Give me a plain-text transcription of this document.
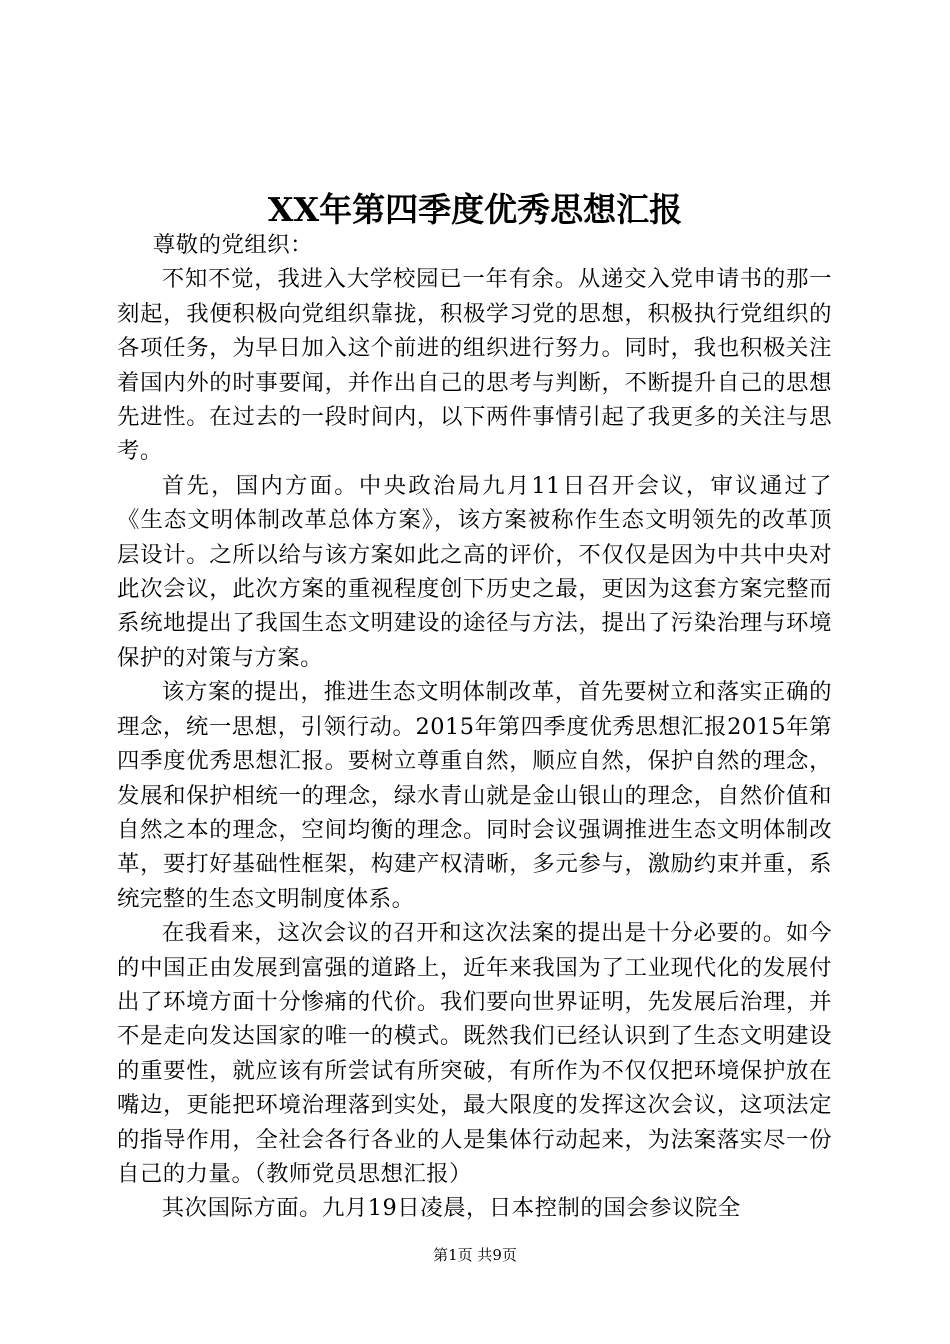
XX年第四季度优秀思想汇报

尊敬的党组织：

不知不觉，我进入大学校园已一年有余。从递交入党申请书的那一刻起，我便积极向党组织靠拢，积极学习党的思想，积极执行党组织的各项任务，为早日加入这个前进的组织进行努力。同时，我也积极关注着国内外的时事要闻，并作出自己的思考与判断，不断提升自己的思想先进性。在过去的一段时间内，以下两件事情引起了我更多的关注与思考。

首先，国内方面。中央政治局九月11日召开会议，审议通过了《生态文明体制改革总体方案》，该方案被称作生态文明领先的改革顶层设计。之所以给与该方案如此之高的评价，不仅仅是因为中共中央对此次会议，此次方案的重视程度创下历史之最，更因为这套方案完整而系统地提出了我国生态文明建设的途径与方法，提出了污染治理与环境保护的对策与方案。

该方案的提出，推进生态文明体制改革，首先要树立和落实正确的理念，统一思想，引领行动。2015年第四季度优秀思想汇报2015年第四季度优秀思想汇报。要树立尊重自然，顺应自然，保护自然的理念，发展和保护相统一的理念，绿水青山就是金山银山的理念，自然价值和自然之本的理念，空间均衡的理念。同时会议强调推进生态文明体制改革，要打好基础性框架，构建产权清晰，多元参与，激励约束并重，系统完整的生态文明制度体系。

在我看来，这次会议的召开和这次法案的提出是十分必要的。如今的中国正由发展到富强的道路上，近年来我国为了工业现代化的发展付出了环境方面十分惨痛的代价。我们要向世界证明，先发展后治理，并不是走向发达国家的唯一的模式。既然我们已经认识到了生态文明建设的重要性，就应该有所尝试有所突破，有所作为不仅仅把环境保护放在嘴边，更能把环境治理落到实处，最大限度的发挥这次会议，这项法定的指导作用，全社会各行各业的人是集体行动起来，为法案落实尽一份自己的力量。（教师党员思想汇报）

其次国际方面。九月19日凌晨，日本控制的国会参议院全

第1页 共9页
